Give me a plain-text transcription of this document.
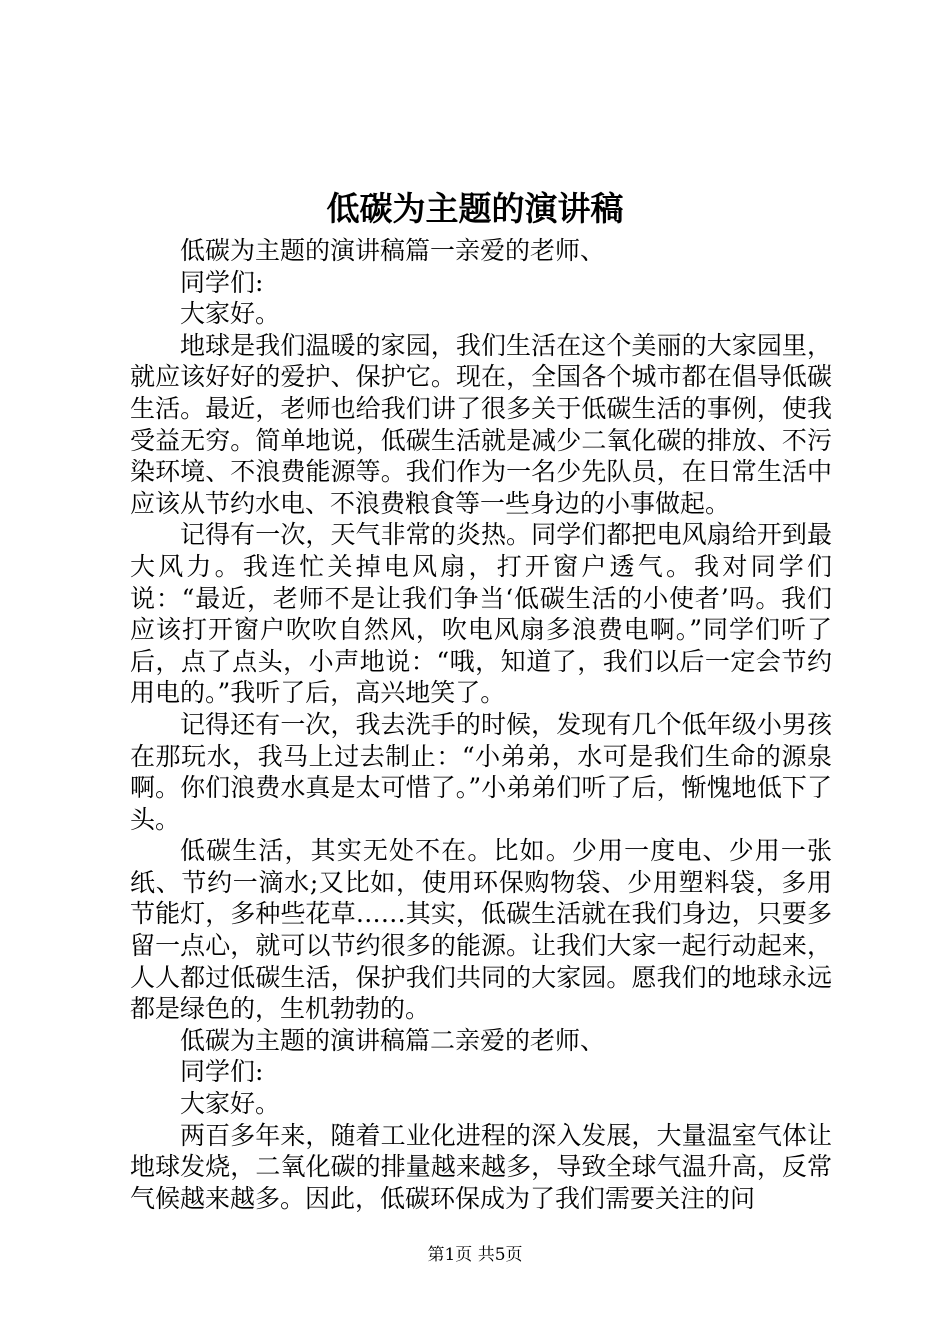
低碳为主题的演讲稿

低碳为主题的演讲稿篇一亲爱的老师、

同学们:

大家好。

地球是我们温暖的家园，我们生活在这个美丽的大家园里，就应该好好的爱护、保护它。现在，全国各个城市都在倡导低碳生活。最近，老师也给我们讲了很多关于低碳生活的事例，使我受益无穷。简单地说，低碳生活就是减少二氧化碳的排放、不污染环境、不浪费能源等。我们作为一名少先队员，在日常生活中应该从节约水电、不浪费粮食等一些身边的小事做起。

记得有一次，天气非常的炎热。同学们都把电风扇给开到最大风力。我连忙关掉电风扇，打开窗户透气。我对同学们说：“最近，老师不是让我们争当‘低碳生活的小使者’吗。我们应该打开窗户吹吹自然风，吹电风扇多浪费电啊。”同学们听了后，点了点头，小声地说：“哦，知道了，我们以后一定会节约用电的。”我听了后，高兴地笑了。

记得还有一次，我去洗手的时候，发现有几个低年级小男孩在那玩水，我马上过去制止：“小弟弟，水可是我们生命的源泉啊。你们浪费水真是太可惜了。”小弟弟们听了后，惭愧地低下了头。

低碳生活，其实无处不在。比如。少用一度电、少用一张纸、节约一滴水;又比如，使用环保购物袋、少用塑料袋，多用节能灯，多种些花草……其实，低碳生活就在我们身边，只要多留一点心，就可以节约很多的能源。让我们大家一起行动起来，人人都过低碳生活，保护我们共同的大家园。愿我们的地球永远都是绿色的，生机勃勃的。

低碳为主题的演讲稿篇二亲爱的老师、

同学们:

大家好。

两百多年来，随着工业化进程的深入发展，大量温室气体让地球发烧，二氧化碳的排量越来越多，导致全球气温升高，反常气候越来越多。因此，低碳环保成为了我们需要关注的问

第1页 共5页
